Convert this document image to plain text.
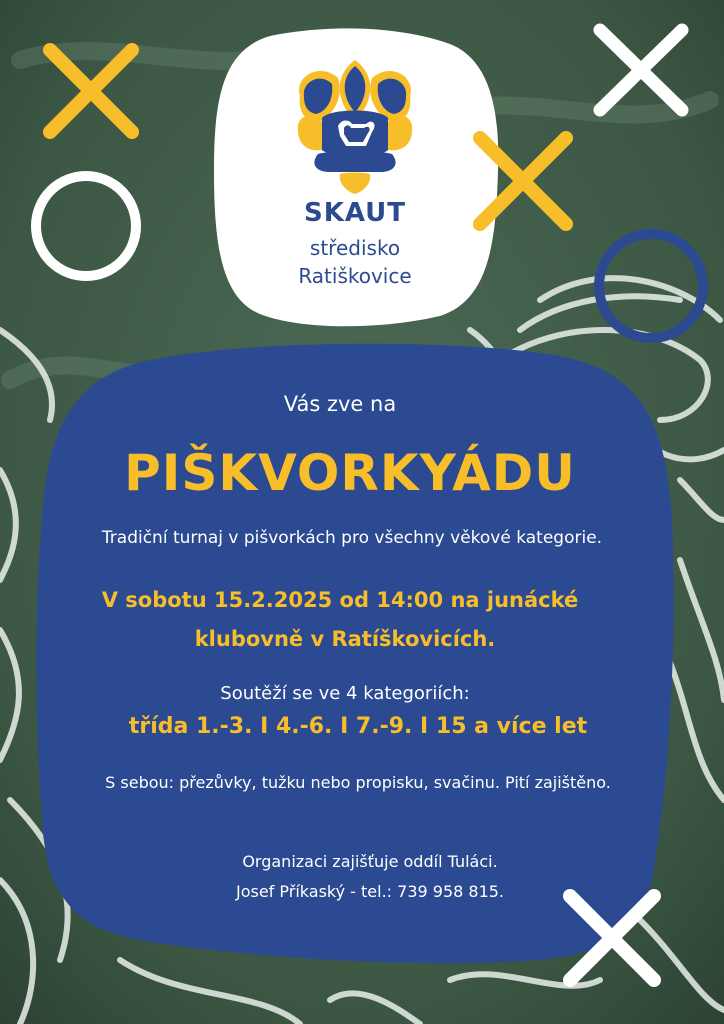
SKAUT
středisko
Ratiškovice
Vás zve na
PIŠKVORKYÁDU
Tradiční turnaj v pišvorkách pro všechny věkové kategorie.
V sobotu 15.2.2025 od 14:00 na junácké
klubovně v Ratíškovicích.
Soutěží se ve 4 kategoriích:
třída 1.-3. I 4.-6. I 7.-9. I 15 a více let
S sebou: přezůvky, tužku nebo propisku, svačinu. Pití zajištěno.
Organizaci zajišťuje oddíl Tuláci.
Josef Příkaský - tel.: 739 958 815.
